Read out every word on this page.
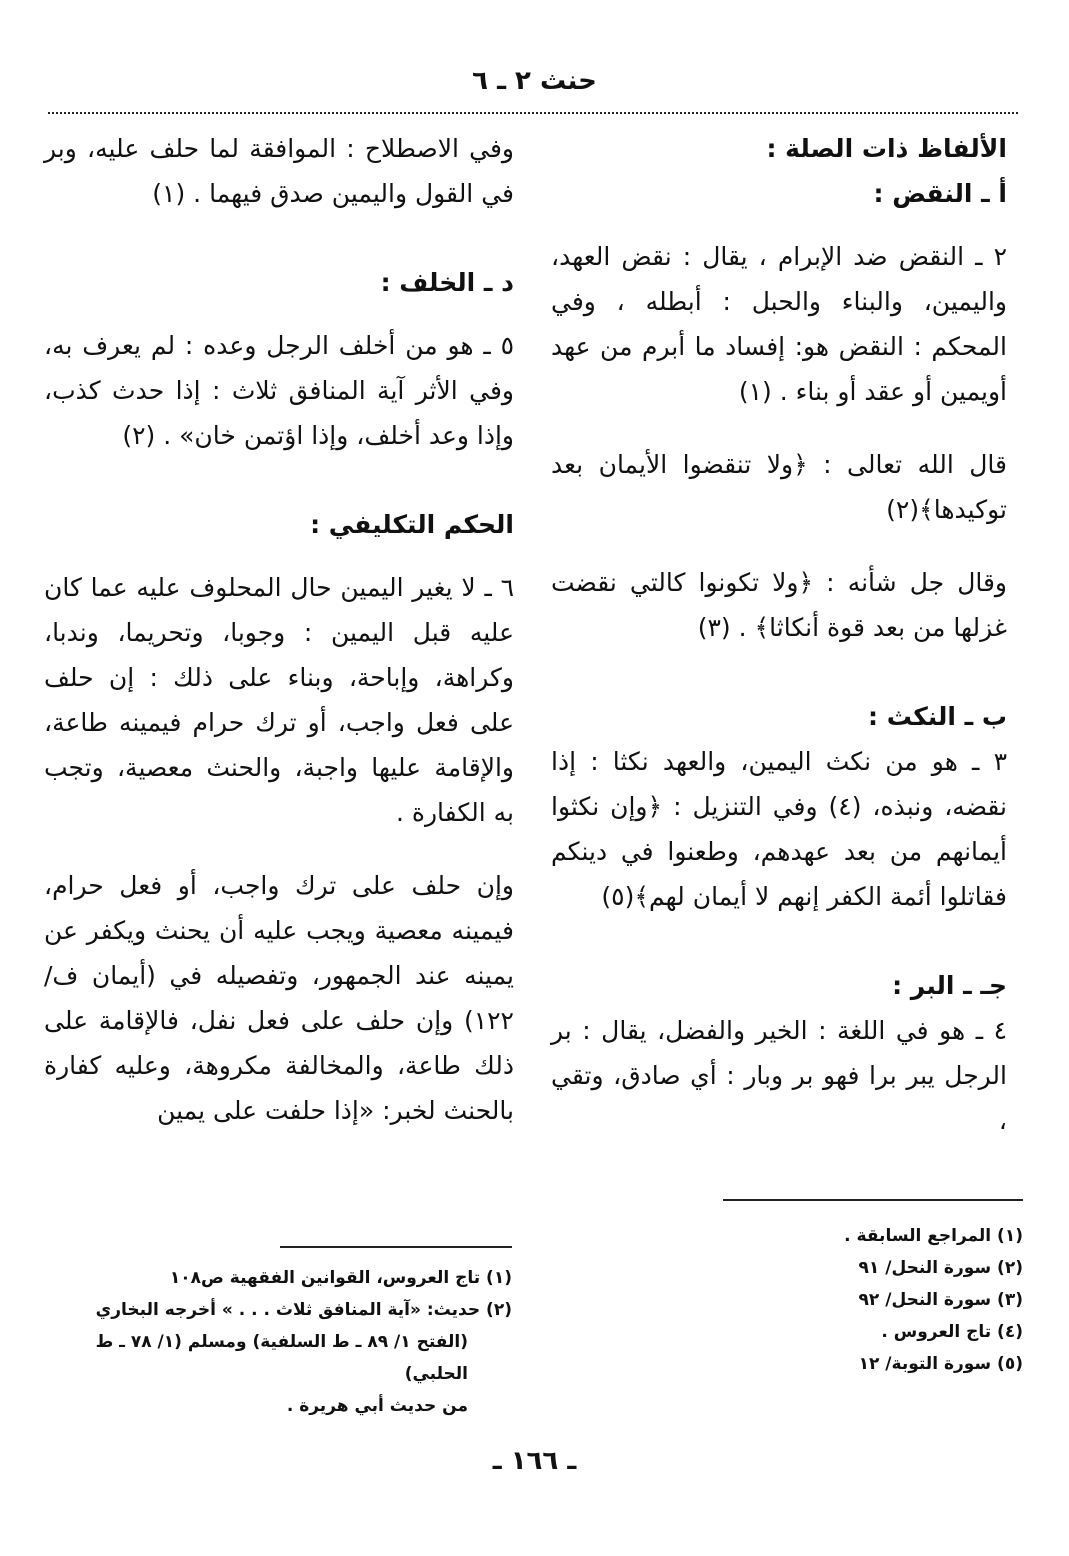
حنث ٢ ـ ٦

الألفاظ ذات الصلة :

أ ـ النقض :

٢ ـ النقض ضد الإبرام ، يقال : نقض العهد، واليمين، والبناء والحبل : أبطله ، وفي المحكم : النقض هو: إفساد ما أبرم من عهد أويمين أو عقد أو بناء . (١)

قال الله تعالى : ﴿ولا تنقضوا الأيمان بعد توكيدها﴾(٢)

وقال جل شأنه : ﴿ولا تكونوا كالتي نقضت غزلها من بعد قوة أنكاثا﴾ . (٣)

ب ـ النكث :

٣ ـ هو من نكث اليمين، والعهد نكثا : إذا نقضه، ونبذه، (٤) وفي التنزيل : ﴿وإن نكثوا أيمانهم من بعد عهدهم، وطعنوا في دينكم فقاتلوا أئمة الكفر إنهم لا أيمان لهم﴾(٥)

جـ ـ البر :

٤ ـ هو في اللغة : الخير والفضل، يقال : بر الرجل يبر برا فهو بر وبار : أي صادق، وتقي ،

وفي الاصطلاح : الموافقة لما حلف عليه، وبر في القول واليمين صدق فيهما . (١)

د ـ الخلف :

٥ ـ هو من أخلف الرجل وعده : لم يعرف به، وفي الأثر آية المنافق ثلاث : إذا حدث كذب، وإذا وعد أخلف، وإذا اؤتمن خان» . (٢)

الحكم التكليفي :

٦ ـ لا يغير اليمين حال المحلوف عليه عما كان عليه قبل اليمين : وجوبا، وتحريما، وندبا، وكراهة، وإباحة، وبناء على ذلك : إن حلف على فعل واجب، أو ترك حرام فيمينه طاعة، والإقامة عليها واجبة، والحنث معصية، وتجب به الكفارة .

وإن حلف على ترك واجب، أو فعل حرام، فيمينه معصية ويجب عليه أن يحنث ويكفر عن يمينه عند الجمهور، وتفصيله في (أيمان ف/١٢٢) وإن حلف على فعل نفل، فالإقامة على ذلك طاعة، والمخالفة مكروهة، وعليه كفارة بالحنث لخبر: «إذا حلفت على يمين

(١) المراجع السابقة .
(٢) سورة النحل/ ٩١
(٣) سورة النحل/ ٩٢
(٤) تاج العروس .
(٥) سورة التوبة/ ١٢
(١) تاج العروس، القوانين الفقهية ص١٠٨
(٢) حديث: «آية المنافق ثلاث . . . » أخرجه البخاري
(الفتح ١/ ٨٩ ـ ط السلفية) ومسلم (١/ ٧٨ ـ ط الحلبي)
من حديث أبي هريرة .
ـ ١٦٦ ـ
